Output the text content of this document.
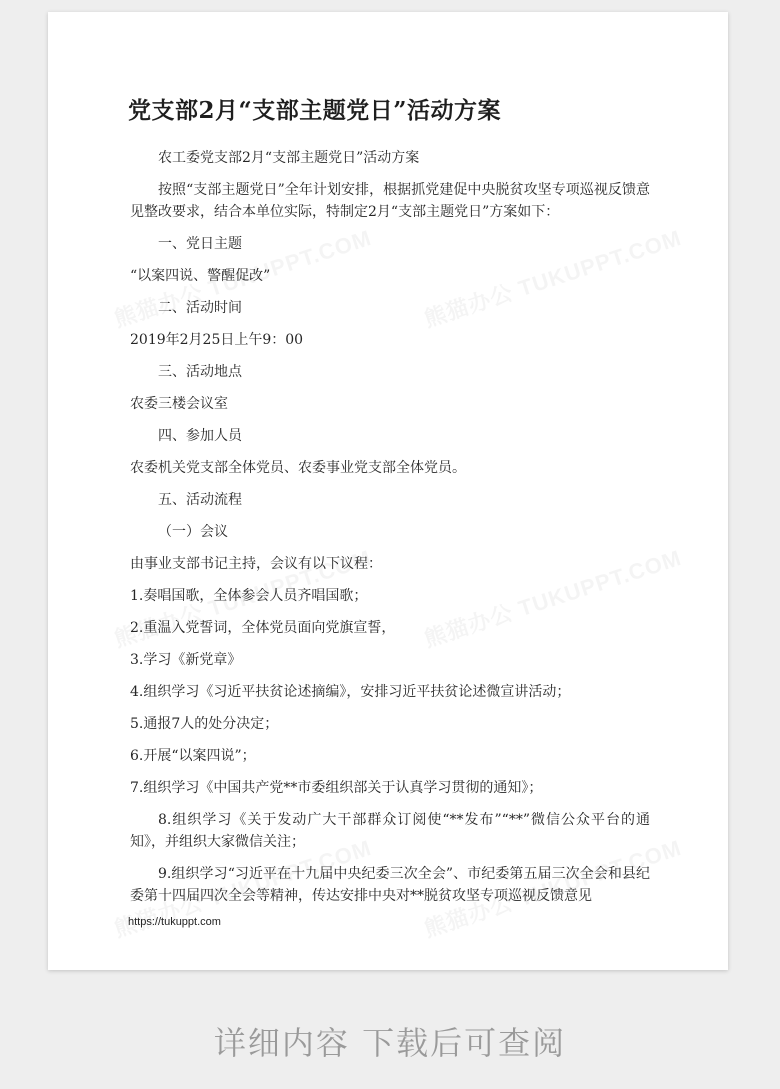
党支部2月“支部主题党日”活动方案

农工委党支部2月“支部主题党日”活动方案

按照“支部主题党日”全年计划安排，根据抓党建促中央脱贫攻坚专项巡视反馈意见整改要求，结合本单位实际，特制定2月“支部主题党日”方案如下：

一、党日主题

“以案四说、警醒促改”

二、活动时间

2019年2月25日上午9：00

三、活动地点

农委三楼会议室

四、参加人员

农委机关党支部全体党员、农委事业党支部全体党员。

五、活动流程

（一）会议

由事业支部书记主持，会议有以下议程：

1.奏唱国歌，全体参会人员齐唱国歌；

2.重温入党誓词，全体党员面向党旗宣誓，

3.学习《新党章》

4.组织学习《习近平扶贫论述摘编》，安排习近平扶贫论述微宣讲活动；

5.通报7人的处分决定；

6.开展“以案四说”；

7.组织学习《中国共产党**市委组织部关于认真学习贯彻的通知》；

8.组织学习《关于发动广大干部群众订阅使“**发布”“**”微信公众平台的通知》，并组织大家微信关注；

9.组织学习“习近平在十九届中央纪委三次全会”、市纪委第五届三次全会和县纪委第十四届四次全会等精神，传达安排中央对**脱贫攻坚专项巡视反馈意见

https://tukuppt.com
详细内容 下载后可查阅
